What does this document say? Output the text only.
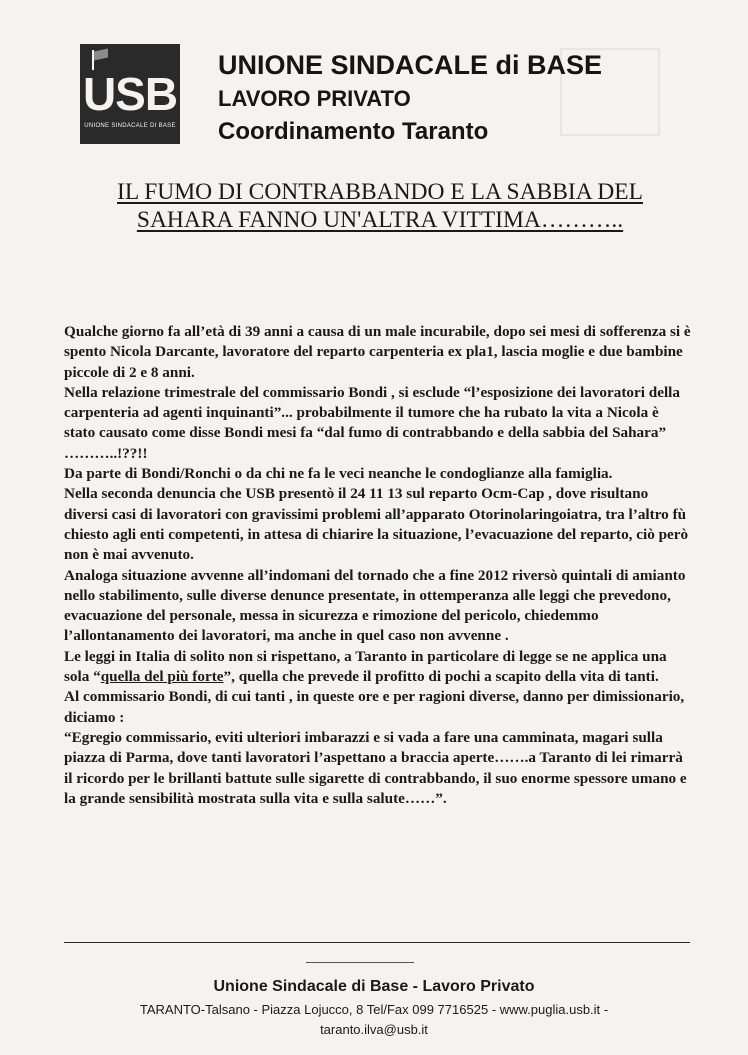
USB
UNIONE SINDACALE DI BASE
UNIONE SINDACALE di BASE
LAVORO PRIVATO
Coordinamento Taranto
IL FUMO DI CONTRABBANDO E LA SABBIA DEL
SAHARA FANNO UN'ALTRA VITTIMA………..

Qualche giorno fa all’età di 39 anni a causa di un male incurabile, dopo sei mesi di sofferenza si è spento Nicola Darcante, lavoratore del reparto carpenteria ex pla1, lascia moglie e due bambine piccole di 2 e 8 anni.

Nella relazione trimestrale del commissario Bondi , si esclude “l’esposizione dei lavoratori della carpenteria ad agenti inquinanti”... probabilmente il tumore che ha rubato la vita a Nicola è stato causato come disse Bondi mesi fa “dal fumo di contrabbando e della sabbia del Sahara” ………..!??!!

Da parte di Bondi/Ronchi o da chi ne fa le veci neanche le condoglianze alla famiglia.

Nella seconda denuncia che USB presentò il 24 11 13 sul reparto Ocm-Cap , dove risultano diversi casi di lavoratori con gravissimi problemi all’apparato Otorinolaringoiatra, tra l’altro fù chiesto agli enti competenti, in attesa di chiarire la situazione, l’evacuazione del reparto, ciò però non è mai avvenuto.

Analoga situazione avvenne all’indomani del tornado che a fine 2012 riversò quintali di amianto nello stabilimento, sulle diverse denunce presentate, in ottemperanza alle leggi che prevedono, evacuazione del personale, messa in sicurezza e rimozione del pericolo, chiedemmo l’allontanamento dei lavoratori, ma anche in quel caso non avvenne .

Le leggi in Italia di solito non si rispettano, a Taranto in particolare di legge se ne applica una sola “quella del più forte”, quella che prevede il profitto di pochi a scapito della vita di tanti.

Al commissario Bondi, di cui tanti , in queste ore e per ragioni diverse, danno per dimissionario, diciamo :

“Egregio commissario, eviti ulteriori imbarazzi e si vada a fare una camminata, magari sulla piazza di Parma, dove tanti lavoratori l’aspettano a braccia aperte…….a Taranto di lei rimarrà il ricordo per le brillanti battute sulle sigarette di contrabbando, il suo enorme spessore umano e la grande sensibilità mostrata sulla vita e sulla salute……”.

Unione Sindacale di Base - Lavoro Privato
TARANTO-Talsano - Piazza Lojucco, 8 Tel/Fax 099 7716525 - www.puglia.usb.it -
taranto.ilva@usb.it
